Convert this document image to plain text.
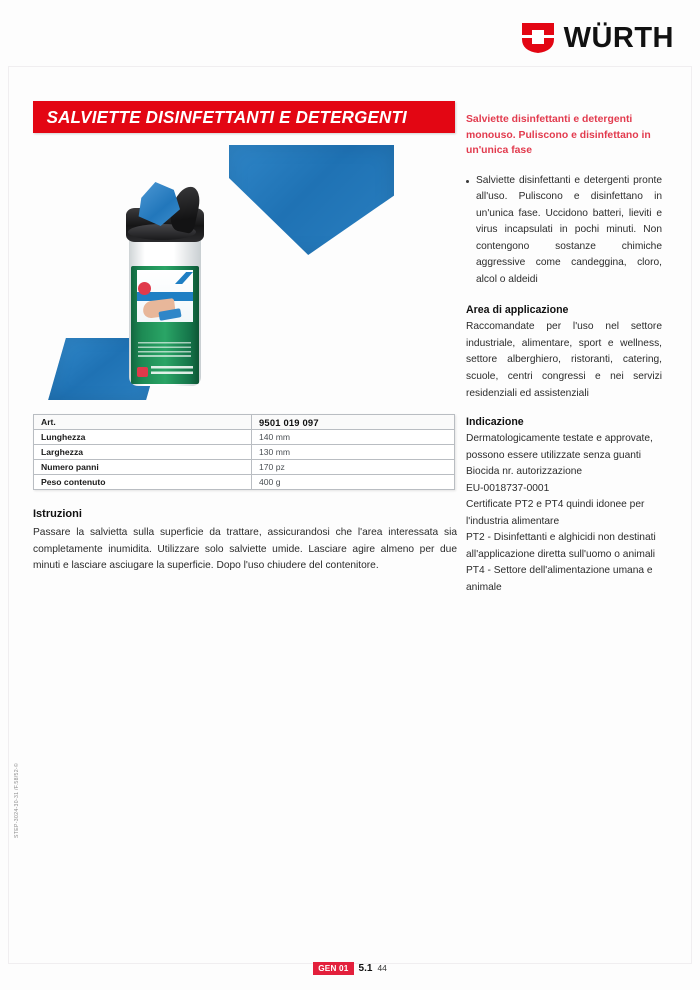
WÜRTH
SALVIETTE DISINFETTANTI E DETERGENTI
Art.	9501 019 097
Lunghezza	140 mm
Larghezza	130 mm
Numero panni	170 pz
Peso contenuto	400 g
Istruzioni
Passare la salvietta sulla superficie da trattare, assicurandosi che l'area interessata sia completamente inumidita. Utilizzare solo salviette umide. Lasciare agire almeno per due minuti e lasciare asciugare la superficie. Dopo l'uso chiudere del contenitore.
Salviette disinfettanti e detergenti monouso. Puliscono e disinfettano in un'unica fase
Salviette disinfettanti e detergenti pronte all'uso. Puliscono e disinfettano in un'unica fase. Uccidono batteri, lieviti e virus incapsulati in pochi minuti. Non contengono sostanze chimiche aggressive come candeggina, cloro, alcol o aldeidi
Area di applicazione
Raccomandate per l'uso nel settore industriale, alimentare, sport e wellness, settore alberghiero, ristoranti, catering, scuole, centri congressi e nei servizi residenziali ed assistenziali
Indicazione
Dermatologicamente testate e approvate, possono essere utilizzate senza guanti
Biocida nr. autorizzazione
EU-0018737-0001
Certificate PT2 e PT4 quindi idonee per l'industria alimentare
PT2 - Disinfettanti e alghicidi non destinati all'applicazione diretta sull'uomo o animali
PT4 - Settore dell'alimentazione umana e animale
STEP-3024-30-31 /F.58/52-©
GEN 01	5.1 44
